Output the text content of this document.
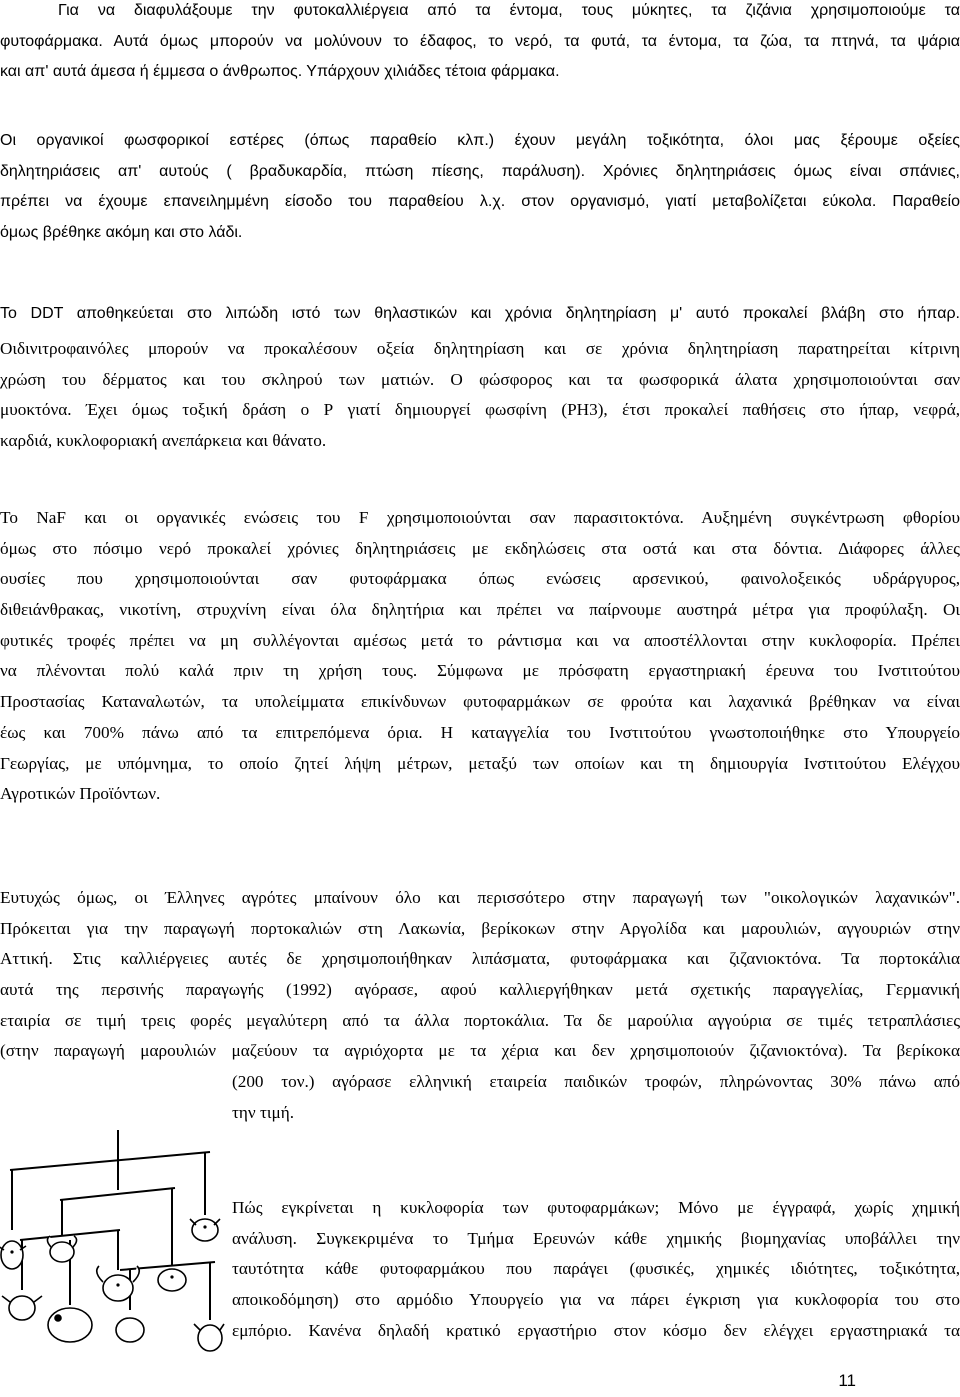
Για να διαφυλάξουμε την φυτοκαλλιέργεια από τα έντομα, τους μύκητες, τα ζιζάνια χρησιμοποιούμε τα
φυτοφάρμακα. Αυτά όμως μπορούν να μολύνουν το έδαφος, το νερό, τα φυτά, τα έντομα, τα ζώα, τα πτηνά, τα ψάρια
και απ' αυτά άμεσα ή έμμεσα ο άνθρωπος. Υπάρχουν χιλιάδες τέτοια φάρμακα.
Οι οργανικοί φωσφορικοί εστέρες (όπως παραθείο κλπ.) έχουν μεγάλη τοξικότητα, όλοι μας ξέρουμε οξείες
δηλητηριάσεις απ' αυτούς ( βραδυκαρδία, πτώση πίεσης, παράλυση). Χρόνιες δηλητηριάσεις όμως είναι σπάνιες,
πρέπει να έχουμε επανειλημμένη είσοδο του παραθείου λ.χ. στον οργανισμό, γιατί μεταβολίζεται εύκολα. Παραθείο
όμως βρέθηκε ακόμη και στο λάδι.
Το DDT αποθηκεύεται στο λιπώδη ιστό των θηλαστικών και χρόνια δηλητηρίαση μ' αυτό προκαλεί βλάβη στο ήπαρ.
Οιδινιτροφαινόλες μπορούν να προκαλέσουν οξεία δηλητηρίαση και σε χρόνια δηλητηρίαση παρατηρείται κίτρινη
χρώση του δέρματος και του σκληρού των ματιών. Ο φώσφορος και τα φωσφορικά άλατα χρησιμοποιούνται σαν
μυοκτόνα. Έχει όμως τοξική δράση ο Ρ γιατί δημιουργεί φωσφίνη (PH3), έτσι προκαλεί παθήσεις στο ήπαρ, νεφρά,
καρδιά, κυκλοφοριακή ανεπάρκεια και θάνατο.
Το NaF και οι οργανικές ενώσεις του F χρησιμοποιούνται σαν παρασιτοκτόνα. Αυξημένη συγκέντρωση φθορίου
όμως στο πόσιμο νερό προκαλεί χρόνιες δηλητηριάσεις με εκδηλώσεις στα οστά και στα δόντια. Διάφορες άλλες
ουσίες που χρησιμοποιούνται σαν φυτοφάρμακα όπως ενώσεις αρσενικού, φαινολοξεικός υδράργυρος,
διθειάνθρακας, νικοτίνη, στρυχνίνη είναι όλα δηλητήρια και πρέπει να παίρνουμε αυστηρά μέτρα για προφύλαξη. Οι
φυτικές τροφές πρέπει να μη συλλέγονται αμέσως μετά το ράντισμα και να αποστέλλονται στην κυκλοφορία. Πρέπει
να πλένονται πολύ καλά πριν τη χρήση τους. Σύμφωνα με πρόσφατη εργαστηριακή έρευνα του Ινστιτούτου
Προστασίας Καταναλωτών, τα υπολείμματα επικίνδυνων φυτοφαρμάκων σε φρούτα και λαχανικά βρέθηκαν να είναι
έως και 700% πάνω από τα επιτρεπόμενα όρια. Η καταγγελία του Ινστιτούτου γνωστοποιήθηκε στο Υπουργείο
Γεωργίας, με υπόμνημα, το οποίο ζητεί λήψη μέτρων, μεταξύ των οποίων και τη δημιουργία Ινστιτούτου Ελέγχου
Αγροτικών Προϊόντων.
Ευτυχώς όμως, οι Έλληνες αγρότες μπαίνουν όλο και περισσότερο στην παραγωγή των "οικολογικών λαχανικών".
Πρόκειται για την παραγωγή πορτοκαλιών στη Λακωνία, βερίκοκων στην Αργολίδα και μαρουλιών, αγγουριών στην
Αττική. Στις καλλιέργειες αυτές δε χρησιμοποιήθηκαν λιπάσματα, φυτοφάρμακα και ζιζανιοκτόνα. Τα πορτοκάλια
αυτά της περσινής παραγωγής (1992) αγόρασε, αφού καλλιεργήθηκαν μετά σχετικής παραγγελίας, Γερμανική
εταιρία σε τιμή τρεις φορές μεγαλύτερη από τα άλλα πορτοκάλια. Τα δε μαρούλια αγγούρια σε τιμές τετραπλάσιες
(στην παραγωγή μαρουλιών μαζεύουν τα αγριόχορτα με τα χέρια και δεν χρησιμοποιούν ζιζανιοκτόνα). Τα βερίκοκα
(200 τον.) αγόρασε ελληνική εταιρεία παιδικών τροφών, πληρώνοντας 30% πάνω από
την τιμή.
Πώς εγκρίνεται η κυκλοφορία των φυτοφαρμάκων; Μόνο με έγγραφά, χωρίς χημική
ανάλυση. Συγκεκριμένα το Τμήμα Ερευνών κάθε χημικής βιομηχανίας υποβάλλει την
ταυτότητα κάθε φυτοφαρμάκου που παράγει (φυσικές, χημικές ιδιότητες, τοξικότητα,
αποικοδόμηση) στο αρμόδιο Υπουργείο για να πάρει έγκριση για κυκλοφορία του στο
εμπόριο. Κανένα δηλαδή κρατικό εργαστήριο στον κόσμο δεν ελέγχει εργαστηριακά τα
11
